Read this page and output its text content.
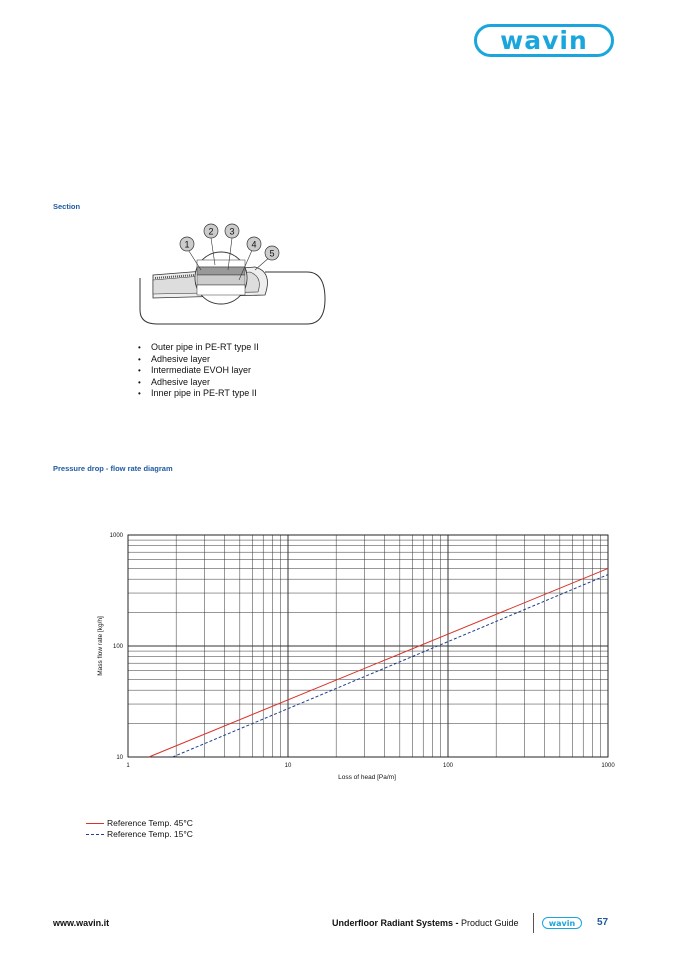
wavin
Section
1
2 3
4
5
• Outer pipe in PE-RT type II
• Adhesive layer
• Intermediate EVOH layer
• Adhesive layer
• Inner pipe in PE-RT type II
Pressure drop - flow rate diagram
1	10	100	1000
10
100
1000
Loss of head [Pa/m]
Mass flow rate [kg/h]
Reference Temp. 45°C
Reference Temp. 15°C
www.wavin.it	Underfloor Radiant Systems - Product Guide	wavin	57
